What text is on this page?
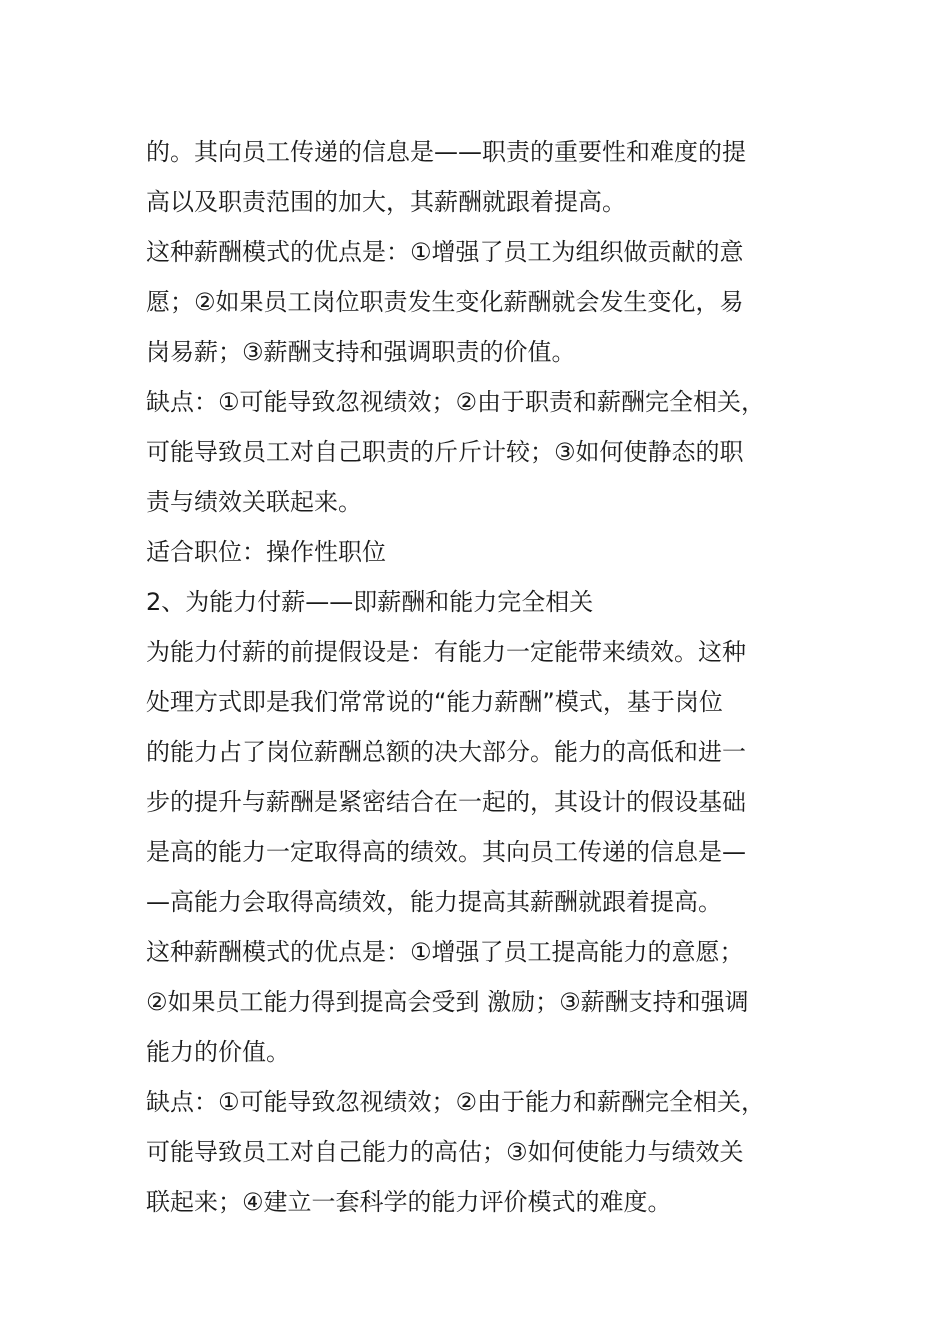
的。其向员工传递的信息是——职责的重要性和难度的提
高以及职责范围的加大，其薪酬就跟着提高。

这种薪酬模式的优点是：①增强了员工为组织做贡献的意
愿；②如果员工岗位职责发生变化薪酬就会发生变化，易
岗易薪；③薪酬支持和强调职责的价值。

缺点：①可能导致忽视绩效；②由于职责和薪酬完全相关，
可能导致员工对自己职责的斤斤计较；③如何使静态的职
责与绩效关联起来。

适合职位：操作性职位

2、为能力付薪——即薪酬和能力完全相关

为能力付薪的前提假设是：有能力一定能带来绩效。这种
处理方式即是我们常常说的“能力薪酬”模式，基于岗位
的能力占了岗位薪酬总额的决大部分。能力的高低和进一
步的提升与薪酬是紧密结合在一起的，其设计的假设基础
是高的能力一定取得高的绩效。其向员工传递的信息是—
—高能力会取得高绩效，能力提高其薪酬就跟着提高。

这种薪酬模式的优点是：①增强了员工提高能力的意愿；
②如果员工能力得到提高会受到 激励；③薪酬支持和强调
能力的价值。

缺点：①可能导致忽视绩效；②由于能力和薪酬完全相关，
可能导致员工对自己能力的高估；③如何使能力与绩效关
联起来；④建立一套科学的能力评价模式的难度。
